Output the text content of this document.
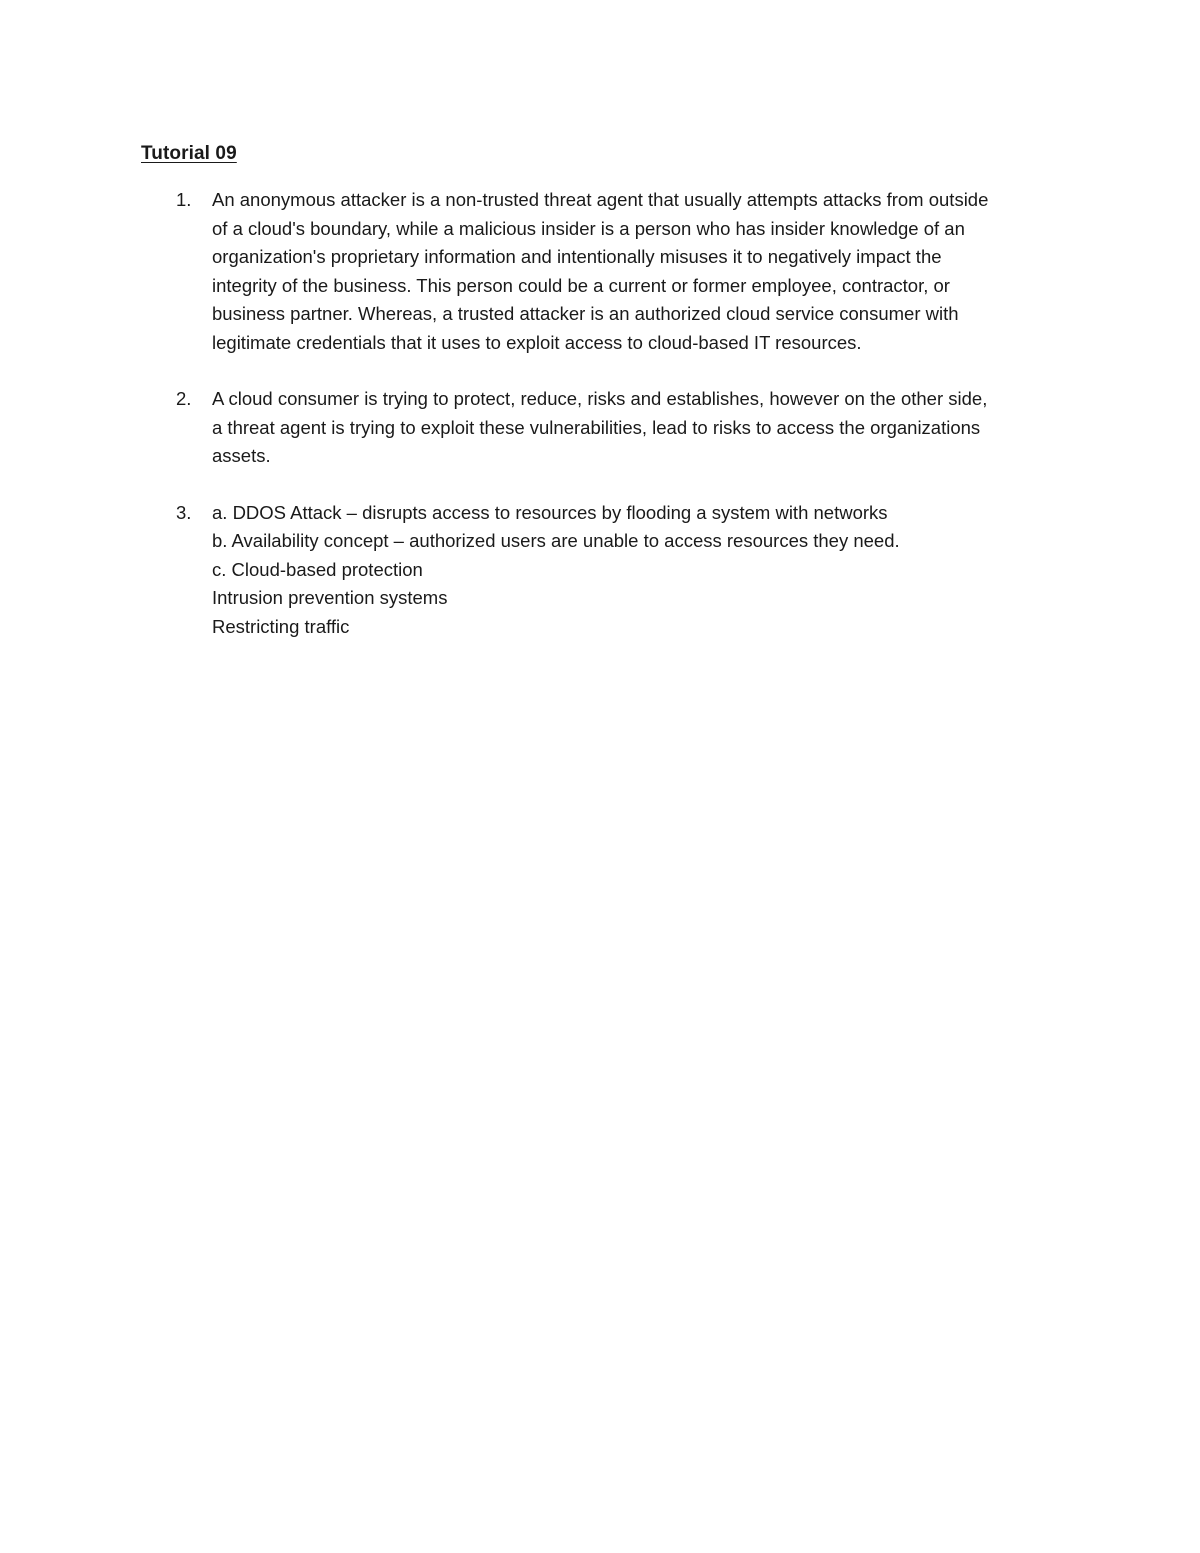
Tutorial 09
1. An anonymous attacker is a non-trusted threat agent that usually attempts attacks from outside
of a cloud's boundary, while a malicious insider is a person who has insider knowledge of an
organization's proprietary information and intentionally misuses it to negatively impact the
integrity of the business. This person could be a current or former employee, contractor, or
business partner. Whereas, a trusted attacker is an authorized cloud service consumer with
legitimate credentials that it uses to exploit access to cloud-based IT resources.
2. A cloud consumer is trying to protect, reduce, risks and establishes, however on the other side,
a threat agent is trying to exploit these vulnerabilities, lead to risks to access the organizations
assets.
3. a. DDOS Attack – disrupts access to resources by flooding a system with networks
b. Availability concept – authorized users are unable to access resources they need.
c. Cloud-based protection
Intrusion prevention systems
Restricting traffic
